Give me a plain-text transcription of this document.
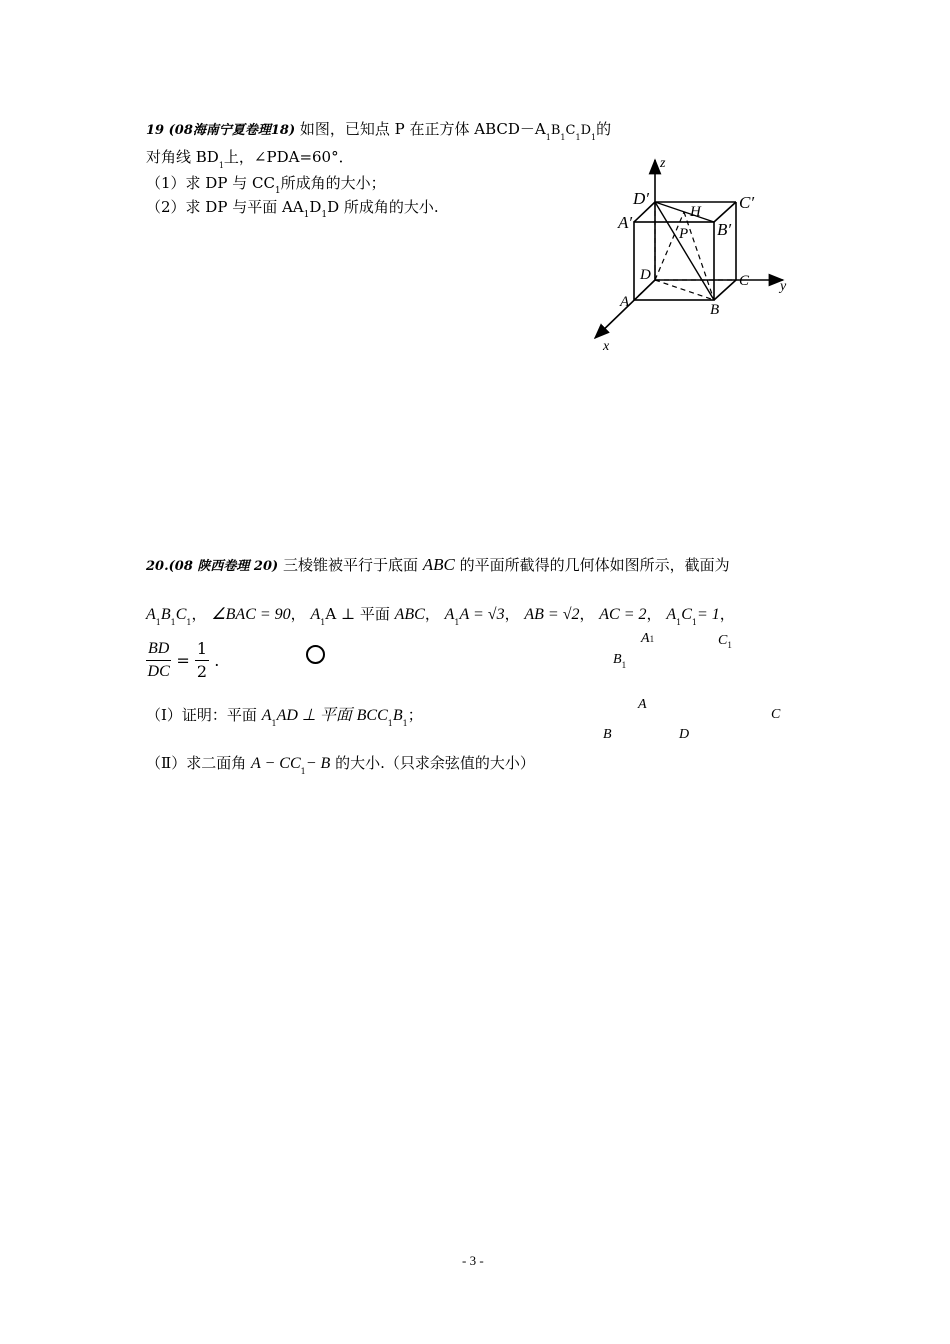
19 (08海南宁夏卷理18) 如图，已知点 P 在正方体 $ABCD-A_1B_1C_1D_1$的
对角线 $BD_1$上，∠PDA=60°．
（1）求 DP 与 $CC_1$所成角的大小；
（2）求 DP 与平面 $AA_1D_1D$ 所成角的大小.
z
y
x
D′	C′
A′	B′
H
P
D	C
A	B
20.(08 陕西卷理 20) 三棱锥被平行于底面 ABC 的平面所截得的几何体如图所示，截面为
$A_1B_1C_1$， ∠BAC = 90， $A_1A$ ⊥ 平面 ABC， $A_1A = √3$， AB = √2， AC = 2， $A_1C_1= 1$，
$\frac{BD}{DC} = \frac{1}{2}$ .
（Ⅰ）证明：平面 $A_1AD$ ⊥ 平面 $BCC_1B_1$；
（Ⅱ）求二面角 $A - CC_1- B$ 的大小.（只求余弦值的大小）
A1	$C_1$
$B_1$
A
C
B	D
- 3 -
